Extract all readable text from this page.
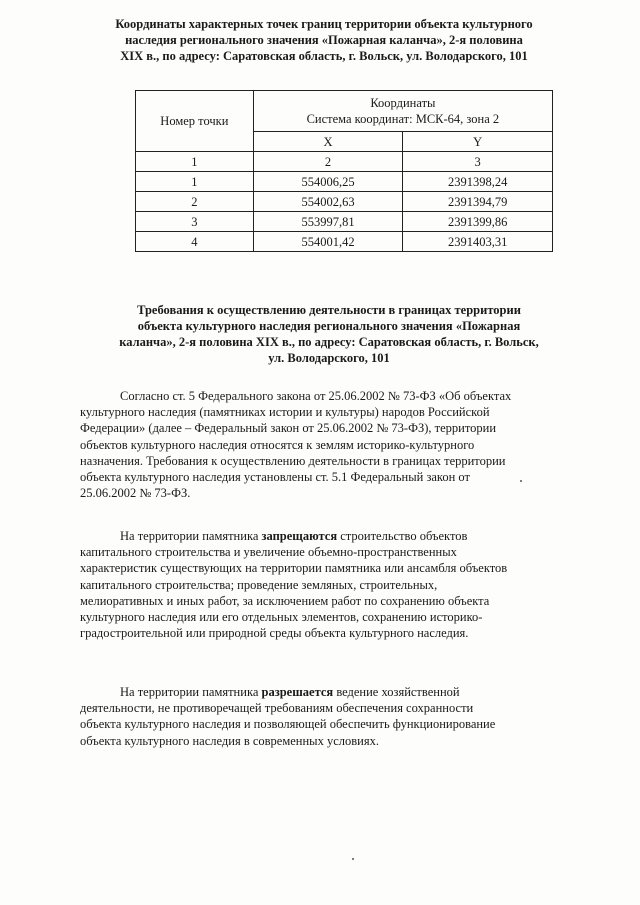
Координаты характерных точек границ территории объекта культурного
наследия регионального значения «Пожарная каланча», 2-я половина
XIX в., по адресу: Саратовская область, г. Вольск, ул. Володарского, 101
Номер точки	Координаты
Система координат: МСК-64, зона 2	
	X	Y
1	2	3
1	554006,25	2391398,24
2	554002,63	2391394,79
3	553997,81	2391399,86
4	554001,42	2391403,31
Требования к осуществлению деятельности в границах территории
объекта культурного наследия регионального значения «Пожарная
каланча», 2-я половина XIX в., по адресу: Саратовская область, г. Вольск,
ул. Володарского, 101

Согласно ст. 5 Федерального закона от 25.06.2002 № 73-ФЗ «Об объектах
культурного наследия (памятниках истории и культуры) народов Российской
Федерации» (далее – Федеральный закон от 25.06.2002 № 73-ФЗ), территории
объектов культурного наследия относятся к землям историко-культурного
назначения. Требования к осуществлению деятельности в границах территории
объекта культурного наследия установлены ст. 5.1 Федеральный закон от
25.06.2002 № 73-ФЗ.

На территории памятника запрещаются строительство объектов
капитального строительства и увеличение объемно-пространственных
характеристик существующих на территории памятника или ансамбля объектов
капитального строительства; проведение земляных, строительных,
мелиоративных и иных работ, за исключением работ по сохранению объекта
культурного наследия или его отдельных элементов, сохранению историко-
градостроительной или природной среды объекта культурного наследия.

На территории памятника разрешается ведение хозяйственной
деятельности, не противоречащей требованиям обеспечения сохранности
объекта культурного наследия и позволяющей обеспечить функционирование
объекта культурного наследия в современных условиях.
